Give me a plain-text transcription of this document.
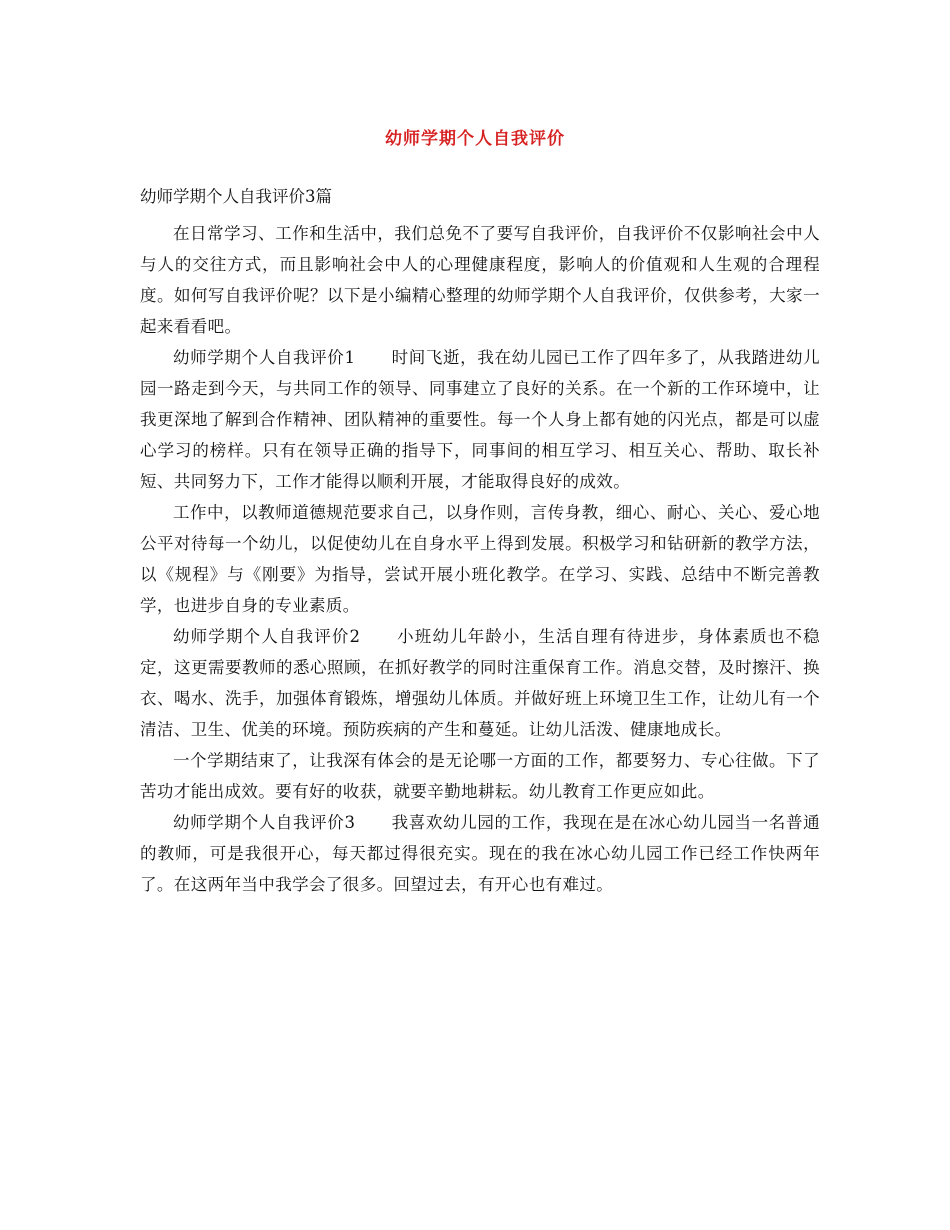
幼师学期个人自我评价
幼师学期个人自我评价3篇

在日常学习、工作和生活中，我们总免不了要写自我评价，自我评价不仅影响社会中人与人的交往方式，而且影响社会中人的心理健康程度，影响人的价值观和人生观的合理程度。如何写自我评价呢？以下是小编精心整理的幼师学期个人自我评价，仅供参考，大家一起来看看吧。

幼师学期个人自我评价1 时间飞逝，我在幼儿园已工作了四年多了，从我踏进幼儿园一路走到今天，与共同工作的领导、同事建立了良好的关系。在一个新的工作环境中，让我更深地了解到合作精神、团队精神的重要性。每一个人身上都有她的闪光点，都是可以虚心学习的榜样。只有在领导正确的指导下，同事间的相互学习、相互关心、帮助、取长补短、共同努力下，工作才能得以顺利开展，才能取得良好的成效。

工作中，以教师道德规范要求自己，以身作则，言传身教，细心、耐心、关心、爱心地公平对待每一个幼儿，以促使幼儿在自身水平上得到发展。积极学习和钻研新的教学方法，以《规程》与《刚要》为指导，尝试开展小班化教学。在学习、实践、总结中不断完善教学，也进步自身的专业素质。

幼师学期个人自我评价2 小班幼儿年龄小，生活自理有待进步，身体素质也不稳定，这更需要教师的悉心照顾，在抓好教学的同时注重保育工作。消息交替，及时擦汗、换衣、喝水、洗手，加强体育锻炼，增强幼儿体质。并做好班上环境卫生工作，让幼儿有一个清洁、卫生、优美的环境。预防疾病的产生和蔓延。让幼儿活泼、健康地成长。

一个学期结束了，让我深有体会的是无论哪一方面的工作，都要努力、专心往做。下了苦功才能出成效。要有好的收获，就要辛勤地耕耘。幼儿教育工作更应如此。

幼师学期个人自我评价3 我喜欢幼儿园的工作，我现在是在冰心幼儿园当一名普通的教师，可是我很开心，每天都过得很充实。现在的我在冰心幼儿园工作已经工作快两年了。在这两年当中我学会了很多。回望过去，有开心也有难过。
